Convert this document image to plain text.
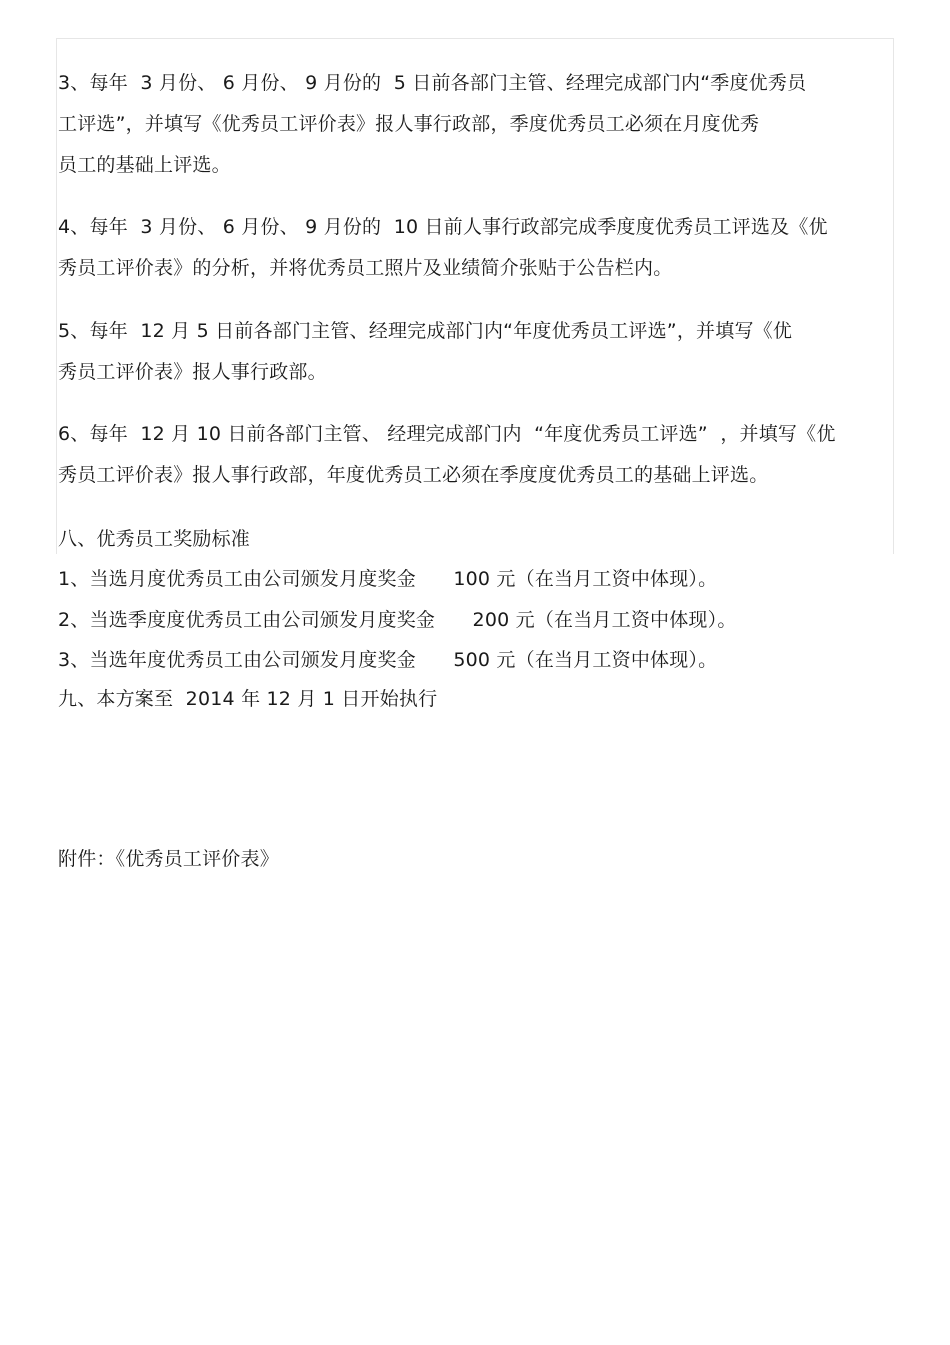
3、每年  3 月份、 6 月份、 9 月份的  5 日前各部门主管、经理完成部门内“季度优秀员
工评选”，并填写《优秀员工评价表》报人事行政部，季度优秀员工必须在月度优秀
员工的基础上评选。
4、每年  3 月份、 6 月份、 9 月份的  10 日前人事行政部完成季度度优秀员工评选及《优
秀员工评价表》的分析，并将优秀员工照片及业绩简介张贴于公告栏内。
5、每年  12 月 5 日前各部门主管、经理完成部门内“年度优秀员工评选”，并填写《优
秀员工评价表》报人事行政部。
6、每年  12 月 10 日前各部门主管、 经理完成部门内  “年度优秀员工评选”  ，并填写《优
秀员工评价表》报人事行政部，年度优秀员工必须在季度度优秀员工的基础上评选。
八、优秀员工奖励标准
1、当选月度优秀员工由公司颁发月度奖金      100 元（在当月工资中体现）。
2、当选季度度优秀员工由公司颁发月度奖金      200 元（在当月工资中体现）。
3、当选年度优秀员工由公司颁发月度奖金      500 元（在当月工资中体现）。
九、本方案至  2014 年 12 月 1 日开始执行
附件：《优秀员工评价表》
